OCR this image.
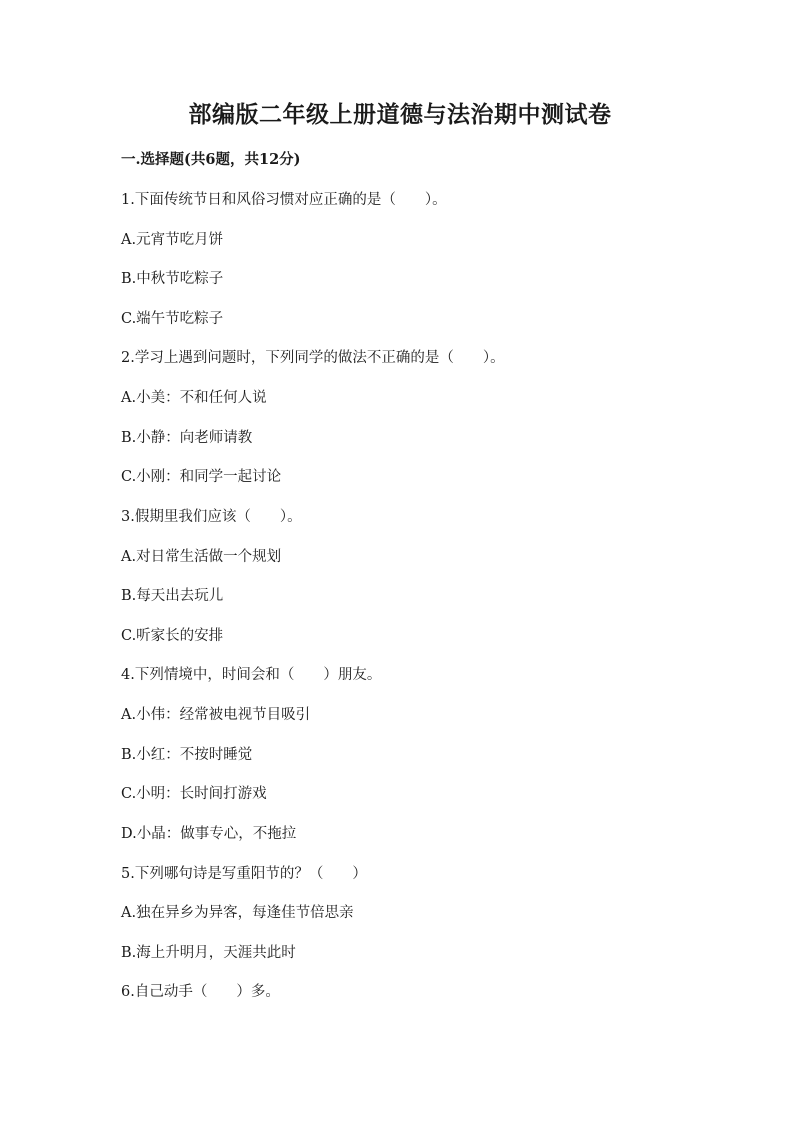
部编版二年级上册道德与法治期中测试卷
一.选择题(共6题，共12分)
1.下面传统节日和风俗习惯对应正确的是（　　）。
A.元宵节吃月饼
B.中秋节吃粽子
C.端午节吃粽子
2.学习上遇到问题时，下列同学的做法不正确的是（　　）。
A.小美：不和任何人说
B.小静：向老师请教
C.小刚：和同学一起讨论
3.假期里我们应该（　　）。
A.对日常生活做一个规划
B.每天出去玩儿
C.听家长的安排
4.下列情境中，时间会和（　　）朋友。
A.小伟：经常被电视节目吸引
B.小红：不按时睡觉
C.小明：长时间打游戏
D.小晶：做事专心，不拖拉
5.下列哪句诗是写重阳节的？（　　）
A.独在异乡为异客，每逢佳节倍思亲
B.海上升明月，天涯共此时
6.自己动手（　　）多。
